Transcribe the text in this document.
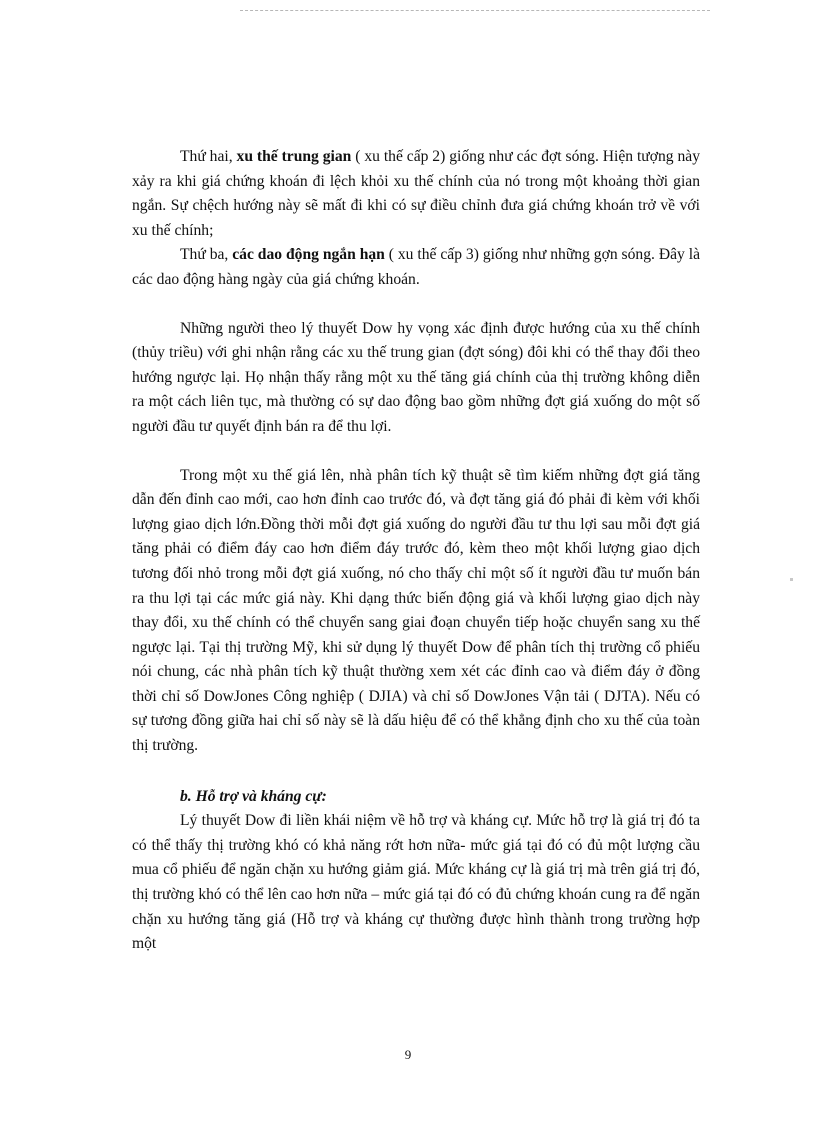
Thứ hai, xu thế trung gian ( xu thế cấp 2) giống như các đợt sóng. Hiện tượng này xảy ra khi giá chứng khoán đi lệch khỏi xu thế chính của nó trong một khoảng thời gian ngắn. Sự chệch hướng này sẽ mất đi khi có sự điều chỉnh đưa giá chứng khoán trở về với xu thế chính;

Thứ ba, các dao động ngắn hạn ( xu thế cấp 3) giống như những gợn sóng. Đây là các dao động hàng ngày của giá chứng khoán.

Những người theo lý thuyết Dow hy vọng xác định được hướng của xu thế chính (thủy triều) với ghi nhận rằng các xu thế trung gian (đợt sóng) đôi khi có thể thay đổi theo hướng ngược lại. Họ nhận thấy rằng một xu thế tăng giá chính của thị trường không diễn ra một cách liên tục, mà thường có sự dao động bao gồm những đợt giá xuống do một số người đầu tư quyết định bán ra để thu lợi.

Trong một xu thế giá lên, nhà phân tích kỹ thuật sẽ tìm kiếm những đợt giá tăng dẫn đến đỉnh cao mới, cao hơn đỉnh cao trước đó, và đợt tăng giá đó phải đi kèm với khối lượng giao dịch lớn.Đồng thời mỗi đợt giá xuống do người đầu tư thu lợi sau mỗi đợt giá tăng phải có điểm đáy cao hơn điểm đáy trước đó, kèm theo một khối lượng giao dịch tương đối nhỏ trong mỗi đợt giá xuống, nó cho thấy chỉ một số ít người đầu tư muốn bán ra thu lợi tại các mức giá này. Khi dạng thức biến động giá và khối lượng giao dịch này thay đổi, xu thế chính có thể chuyển sang giai đoạn chuyển tiếp hoặc chuyển sang xu thế ngược lại. Tại thị trường Mỹ, khi sử dụng lý thuyết Dow để phân tích thị trường cổ phiếu nói chung, các nhà phân tích kỹ thuật thường xem xét các đỉnh cao và điểm đáy ở đồng thời chỉ số DowJones Công nghiệp ( DJIA) và chỉ số DowJones Vận tải ( DJTA). Nếu có sự tương đồng giữa hai chỉ số này sẽ là dấu hiệu để có thể khẳng định cho xu thế của toàn thị trường.

b. Hỗ trợ và kháng cự:

Lý thuyết Dow đi liền khái niệm về hỗ trợ và kháng cự. Mức hỗ trợ là giá trị đó ta có thể thấy thị trường khó có khả năng rớt hơn nữa- mức giá tại đó có đủ một lượng cầu mua cổ phiếu để ngăn chặn xu hướng giảm giá. Mức kháng cự là giá trị mà trên giá trị đó, thị trường khó có thể lên cao hơn nữa – mức giá tại đó có đủ chứng khoán cung ra để ngăn chặn xu hướng tăng giá (Hỗ trợ và kháng cự thường được hình thành trong trường hợp một

9
